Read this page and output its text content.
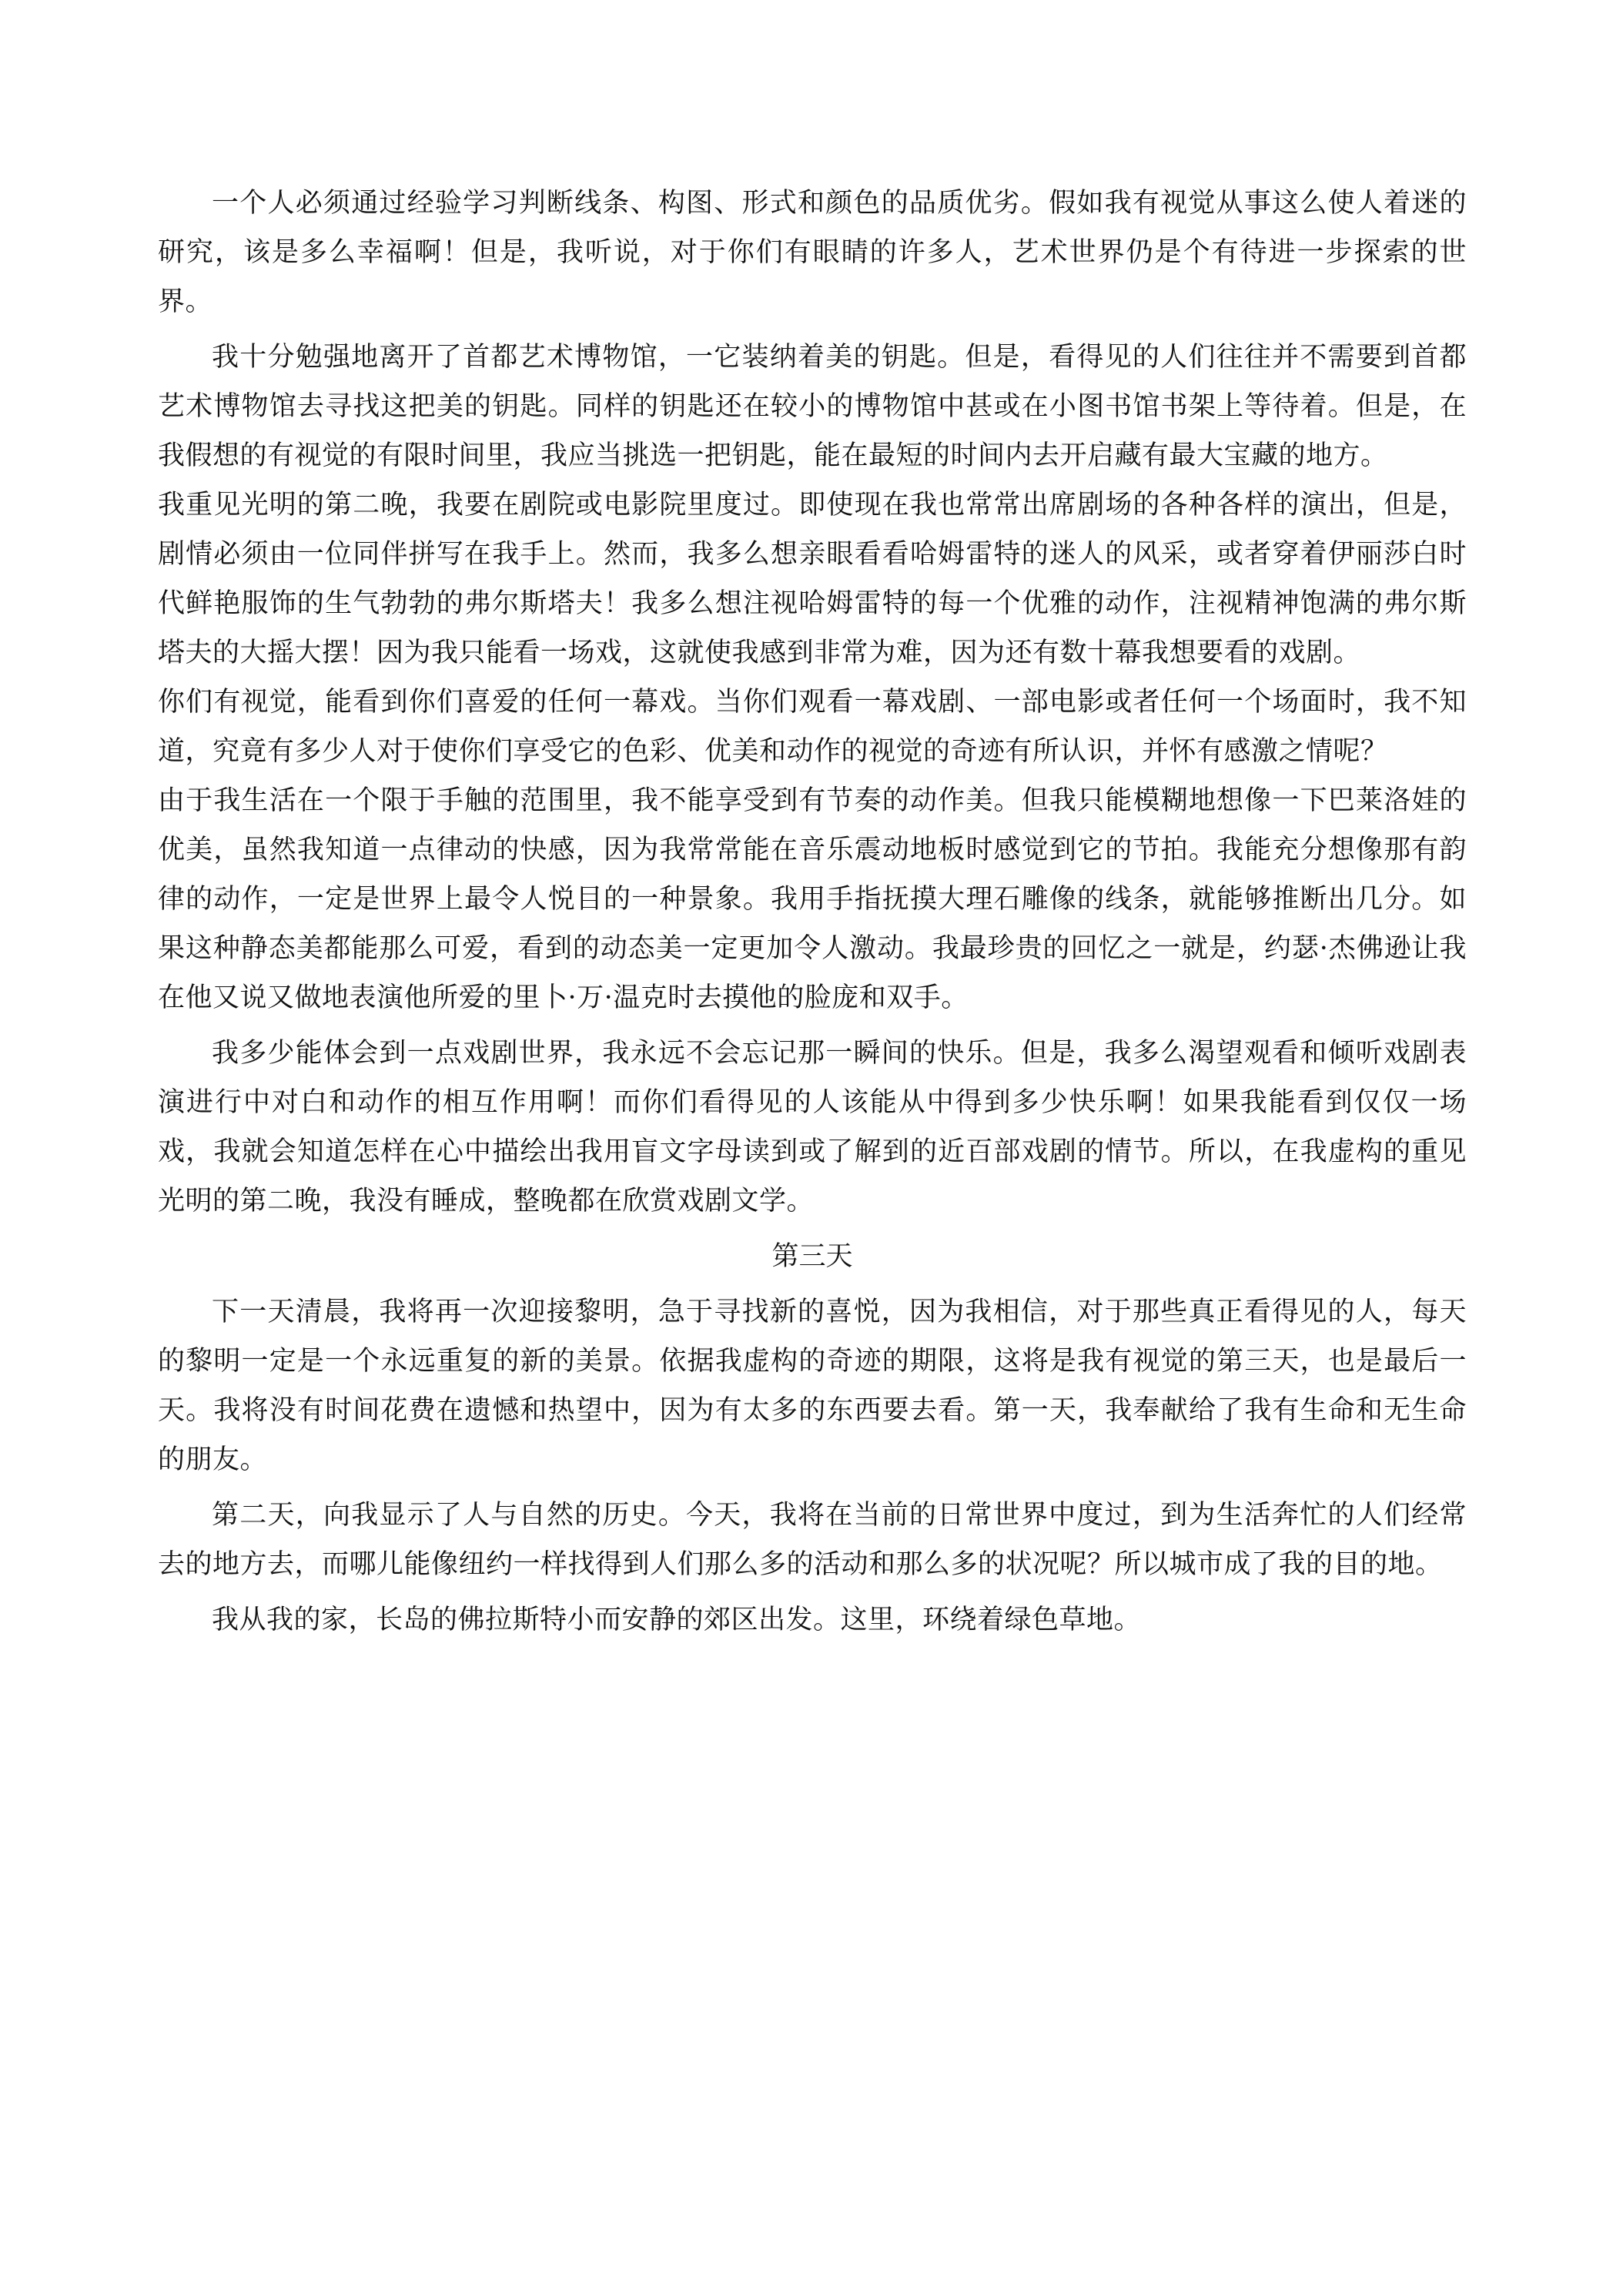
一个人必须通过经验学习判断线条、构图、形式和颜色的品质优劣。假如我有视觉从事这么使人着迷的研究，该是多么幸福啊！但是，我听说，对于你们有眼睛的许多人，艺术世界仍是个有待进一步探索的世界。

我十分勉强地离开了首都艺术博物馆，一它装纳着美的钥匙。但是，看得见的人们往往并不需要到首都艺术博物馆去寻找这把美的钥匙。同样的钥匙还在较小的博物馆中甚或在小图书馆书架上等待着。但是，在我假想的有视觉的有限时间里，我应当挑选一把钥匙，能在最短的时间内去开启藏有最大宝藏的地方。

我重见光明的第二晚，我要在剧院或电影院里度过。即使现在我也常常出席剧场的各种各样的演出，但是，剧情必须由一位同伴拼写在我手上。然而，我多么想亲眼看看哈姆雷特的迷人的风采，或者穿着伊丽莎白时代鲜艳服饰的生气勃勃的弗尔斯塔夫！我多么想注视哈姆雷特的每一个优雅的动作，注视精神饱满的弗尔斯塔夫的大摇大摆！因为我只能看一场戏，这就使我感到非常为难，因为还有数十幕我想要看的戏剧。

你们有视觉，能看到你们喜爱的任何一幕戏。当你们观看一幕戏剧、一部电影或者任何一个场面时，我不知道，究竟有多少人对于使你们享受它的色彩、优美和动作的视觉的奇迹有所认识，并怀有感激之情呢？

由于我生活在一个限于手触的范围里，我不能享受到有节奏的动作美。但我只能模糊地想像一下巴莱洛娃的优美，虽然我知道一点律动的快感，因为我常常能在音乐震动地板时感觉到它的节拍。我能充分想像那有韵律的动作，一定是世界上最令人悦目的一种景象。我用手指抚摸大理石雕像的线条，就能够推断出几分。如果这种静态美都能那么可爱，看到的动态美一定更加令人激动。我最珍贵的回忆之一就是，约瑟·杰佛逊让我在他又说又做地表演他所爱的里卜·万·温克时去摸他的脸庞和双手。

我多少能体会到一点戏剧世界，我永远不会忘记那一瞬间的快乐。但是，我多么渴望观看和倾听戏剧表演进行中对白和动作的相互作用啊！而你们看得见的人该能从中得到多少快乐啊！如果我能看到仅仅一场戏，我就会知道怎样在心中描绘出我用盲文字母读到或了解到的近百部戏剧的情节。所以，在我虚构的重见光明的第二晚，我没有睡成，整晚都在欣赏戏剧文学。

第三天

下一天清晨，我将再一次迎接黎明，急于寻找新的喜悦，因为我相信，对于那些真正看得见的人，每天的黎明一定是一个永远重复的新的美景。依据我虚构的奇迹的期限，这将是我有视觉的第三天，也是最后一天。我将没有时间花费在遗憾和热望中，因为有太多的东西要去看。第一天，我奉献给了我有生命和无生命的朋友。

第二天，向我显示了人与自然的历史。今天，我将在当前的日常世界中度过，到为生活奔忙的人们经常去的地方去，而哪儿能像纽约一样找得到人们那么多的活动和那么多的状况呢？所以城市成了我的目的地。

我从我的家，长岛的佛拉斯特小而安静的郊区出发。这里，环绕着绿色草地。
